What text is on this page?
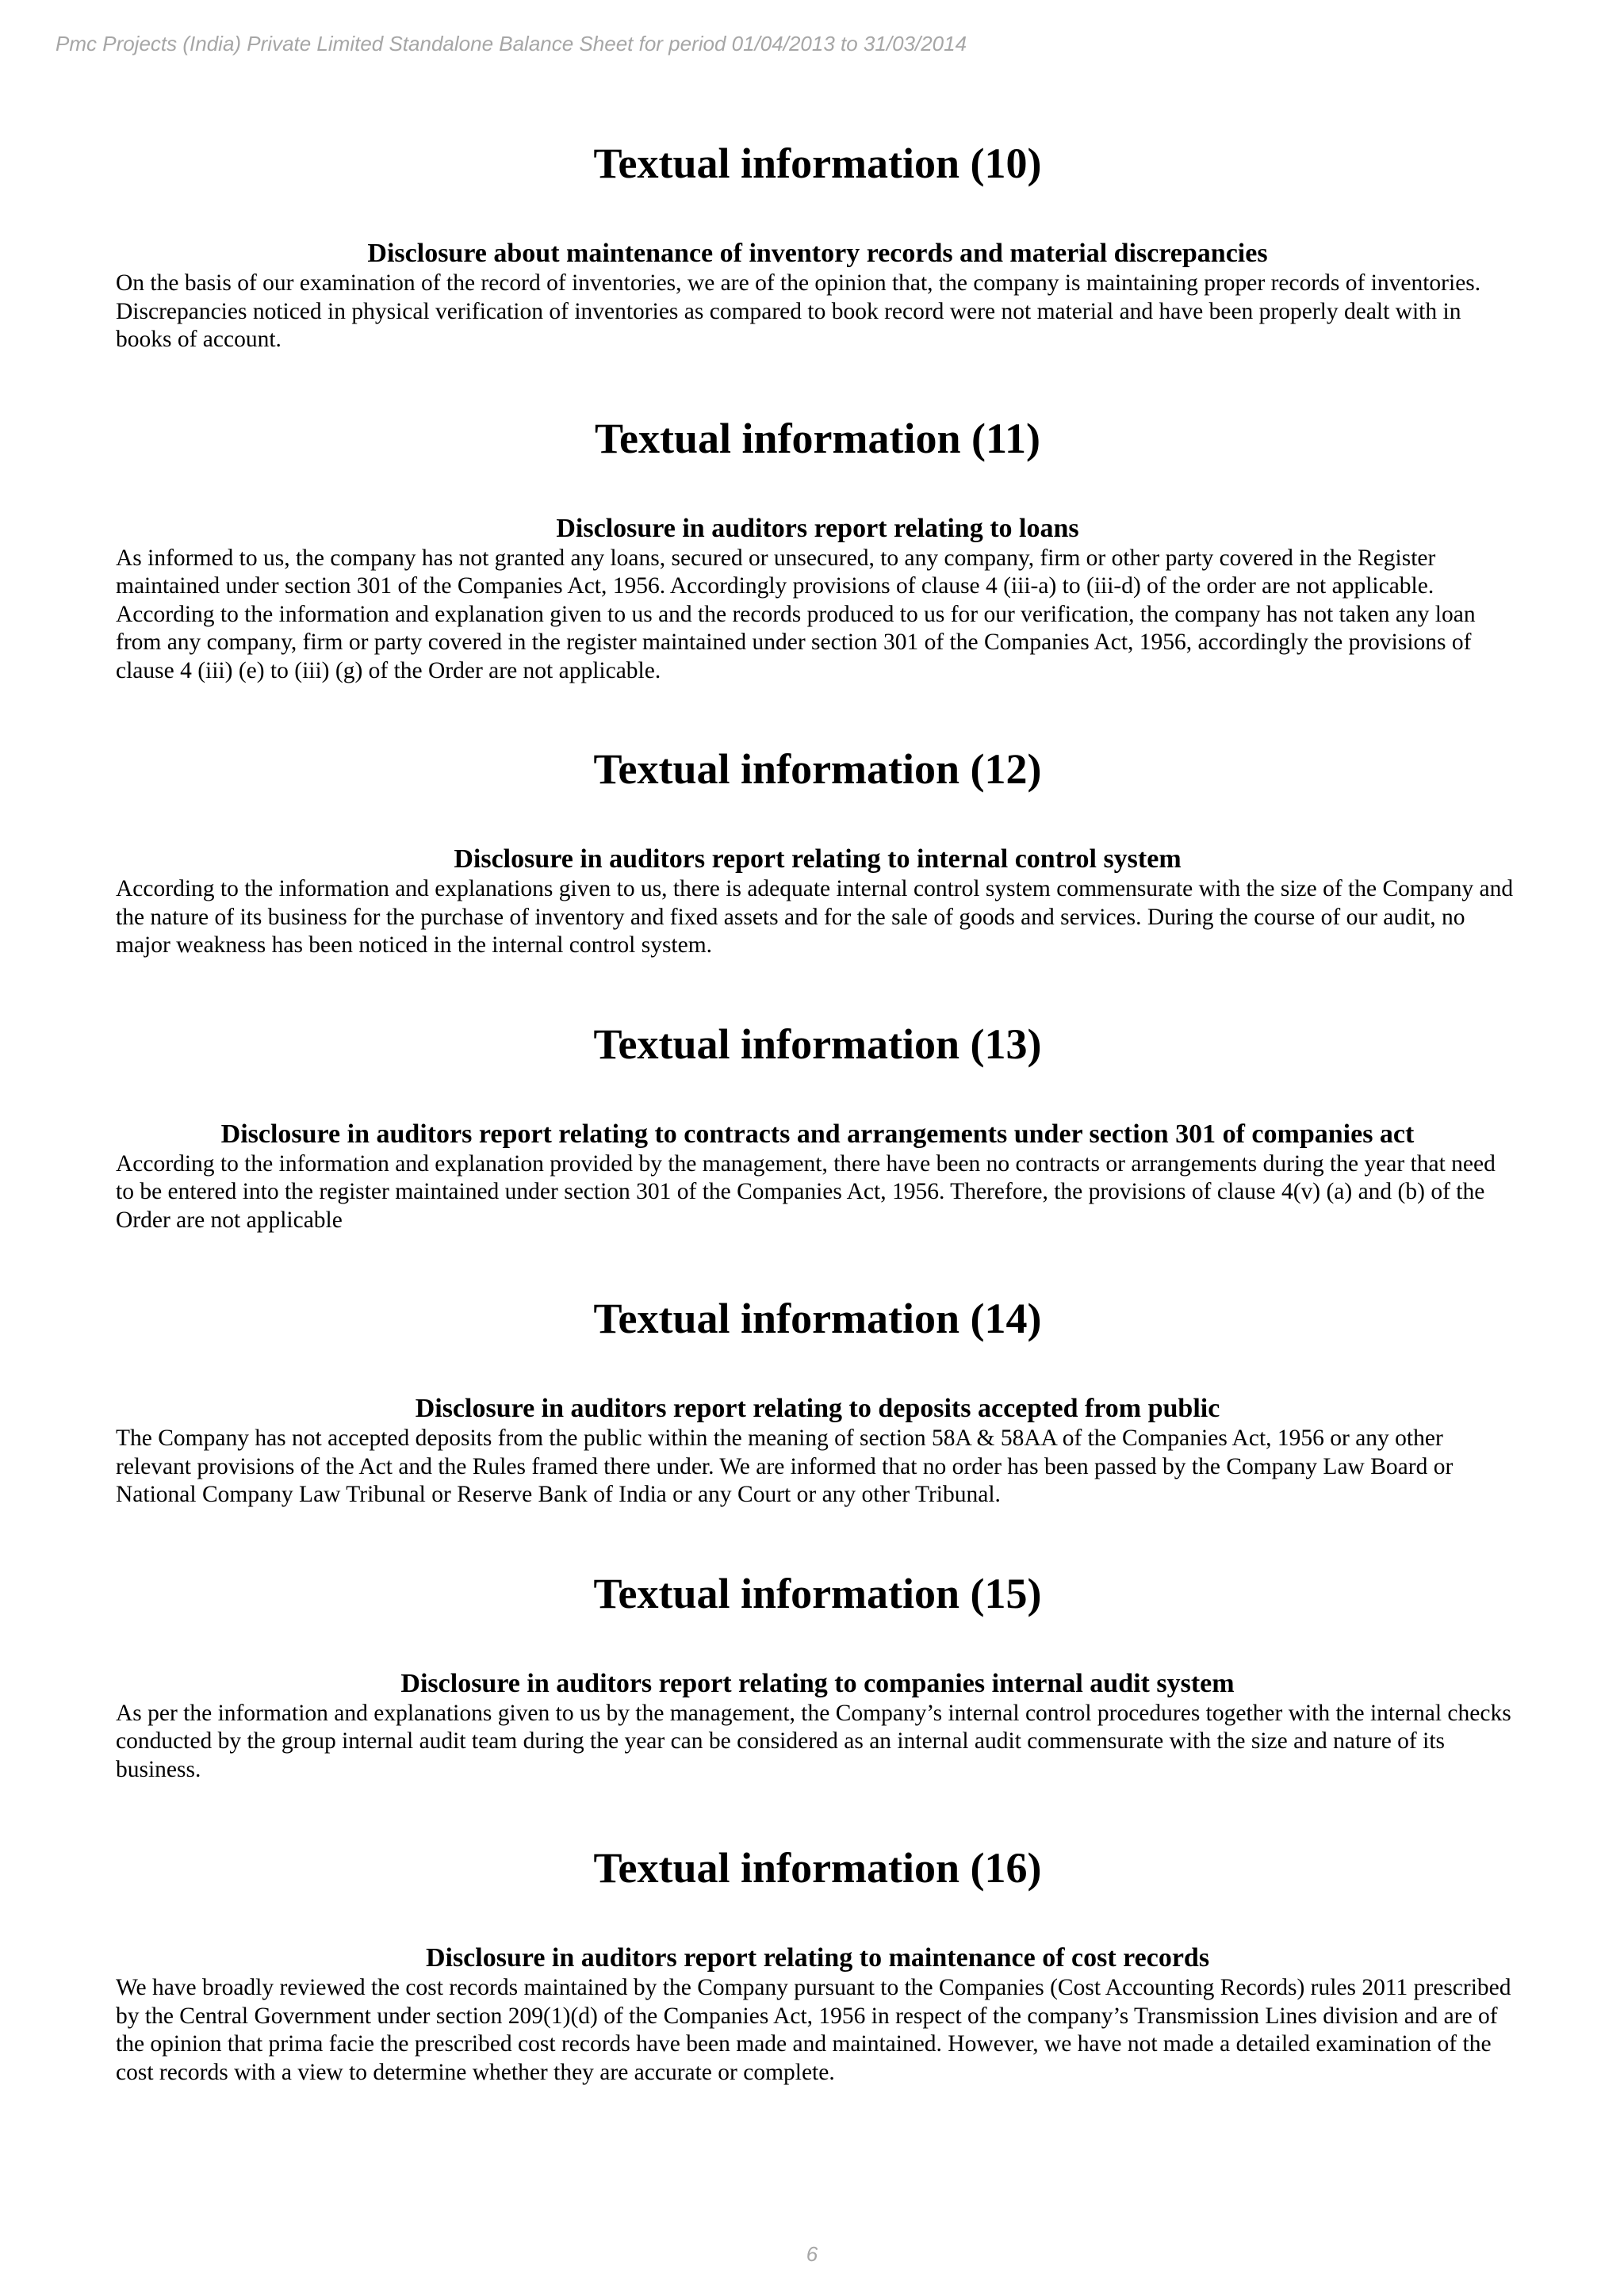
Pmc Projects (India) Private Limited Standalone Balance Sheet for period 01/04/2013 to 31/03/2014
Textual information (10)
Disclosure about maintenance of inventory records and material discrepancies

On the basis of our examination of the record of inventories, we are of the opinion that, the company is maintaining proper records of inventories. Discrepancies noticed in physical verification of inventories as compared to book record were not material and have been properly dealt with in books of account.

Textual information (11)
Disclosure in auditors report relating to loans

As informed to us, the company has not granted any loans, secured or unsecured, to any company, firm or other party covered in the Register maintained under section 301 of the Companies Act, 1956. Accordingly provisions of clause 4 (iii-a) to (iii-d) of the order are not applicable. According to the information and explanation given to us and the records produced to us for our verification, the company has not taken any loan from any company, firm or party covered in the register maintained under section 301 of the Companies Act, 1956, accordingly the provisions of clause 4 (iii) (e) to (iii) (g) of the Order are not applicable.

Textual information (12)
Disclosure in auditors report relating to internal control system

According to the information and explanations given to us, there is adequate internal control system commensurate with the size of the Company and the nature of its business for the purchase of inventory and fixed assets and for the sale of goods and services. During the course of our audit, no major weakness has been noticed in the internal control system.

Textual information (13)
Disclosure in auditors report relating to contracts and arrangements under section 301 of companies act

According to the information and explanation provided by the management, there have been no contracts or arrangements during the year that need to be entered into the register maintained under section 301 of the Companies Act, 1956. Therefore, the provisions of clause 4(v) (a) and (b) of the Order are not applicable

Textual information (14)
Disclosure in auditors report relating to deposits accepted from public

The Company has not accepted deposits from the public within the meaning of section 58A & 58AA of the Companies Act, 1956 or any other relevant provisions of the Act and the Rules framed there under. We are informed that no order has been passed by the Company Law Board or National Company Law Tribunal or Reserve Bank of India or any Court or any other Tribunal.

Textual information (15)
Disclosure in auditors report relating to companies internal audit system

As per the information and explanations given to us by the management, the Company’s internal control procedures together with the internal checks conducted by the group internal audit team during the year can be considered as an internal audit commensurate with the size and nature of its business.

Textual information (16)
Disclosure in auditors report relating to maintenance of cost records

We have broadly reviewed the cost records maintained by the Company pursuant to the Companies (Cost Accounting Records) rules 2011 prescribed by the Central Government under section 209(1)(d) of the Companies Act, 1956 in respect of the company’s Transmission Lines division and are of the opinion that prima facie the prescribed cost records have been made and maintained. However, we have not made a detailed examination of the cost records with a view to determine whether they are accurate or complete.

6
